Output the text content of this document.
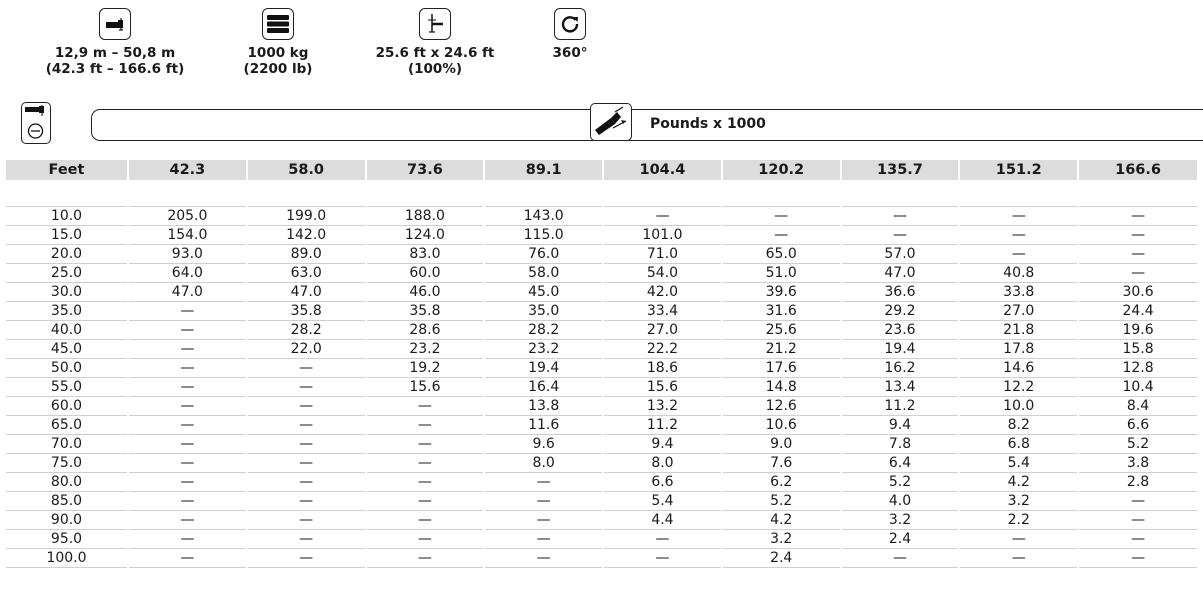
12,9 m – 50,8 m
(42.3 ft – 166.6 ft)
1000 kg
(2200 lb)
25.6 ft x 24.6 ft
(100%)
360°
Pounds x 1000
Feet	42.3	58.0	73.6	89.1	104.4	120.2	135.7	151.2	166.6

10.0	205.0	199.0	188.0	143.0	—	—	—	—	—
15.0	154.0	142.0	124.0	115.0	101.0	—	—	—	—
20.0	93.0	89.0	83.0	76.0	71.0	65.0	57.0	—	—
25.0	64.0	63.0	60.0	58.0	54.0	51.0	47.0	40.8	—
30.0	47.0	47.0	46.0	45.0	42.0	39.6	36.6	33.8	30.6
35.0	—	35.8	35.8	35.0	33.4	31.6	29.2	27.0	24.4
40.0	—	28.2	28.6	28.2	27.0	25.6	23.6	21.8	19.6
45.0	—	22.0	23.2	23.2	22.2	21.2	19.4	17.8	15.8
50.0	—	—	19.2	19.4	18.6	17.6	16.2	14.6	12.8
55.0	—	—	15.6	16.4	15.6	14.8	13.4	12.2	10.4
60.0	—	—	—	13.8	13.2	12.6	11.2	10.0	8.4
65.0	—	—	—	11.6	11.2	10.6	9.4	8.2	6.6
70.0	—	—	—	9.6	9.4	9.0	7.8	6.8	5.2
75.0	—	—	—	8.0	8.0	7.6	6.4	5.4	3.8
80.0	—	—	—	—	6.6	6.2	5.2	4.2	2.8
85.0	—	—	—	—	5.4	5.2	4.0	3.2	—
90.0	—	—	—	—	4.4	4.2	3.2	2.2	—
95.0	—	—	—	—	—	3.2	2.4	—	—
100.0	—	—	—	—	—	2.4	—	—	—
